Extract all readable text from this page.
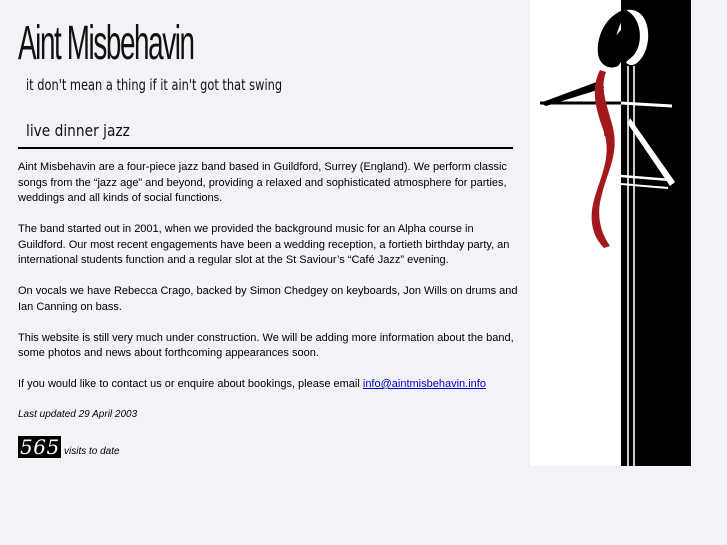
Aint Misbehavin
it don't mean a thing if it ain't got that swing
live dinner jazz

Aint Misbehavin are a four-piece jazz band based in Guildford, Surrey (England). We perform classic songs from the “jazz age” and beyond, providing a relaxed and sophisticated atmosphere for parties, weddings and all kinds of social functions.

The band started out in 2001, when we provided the background music for an Alpha course in Guildford. Our most recent engagements have been a wedding reception, a fortieth birthday party, an international students function and a regular slot at the St Saviour’s “Café Jazz” evening.

On vocals we have Rebecca Crago, backed by Simon Chedgey on keyboards, Jon Wills on drums and Ian Canning on bass.

This website is still very much under construction. We will be adding more information about the band, some photos and news about forthcoming appearances soon.

If you would like to contact us or enquire about bookings, please email info@aintmisbehavin.info

Last updated 29 April 2003

565 visits to date
